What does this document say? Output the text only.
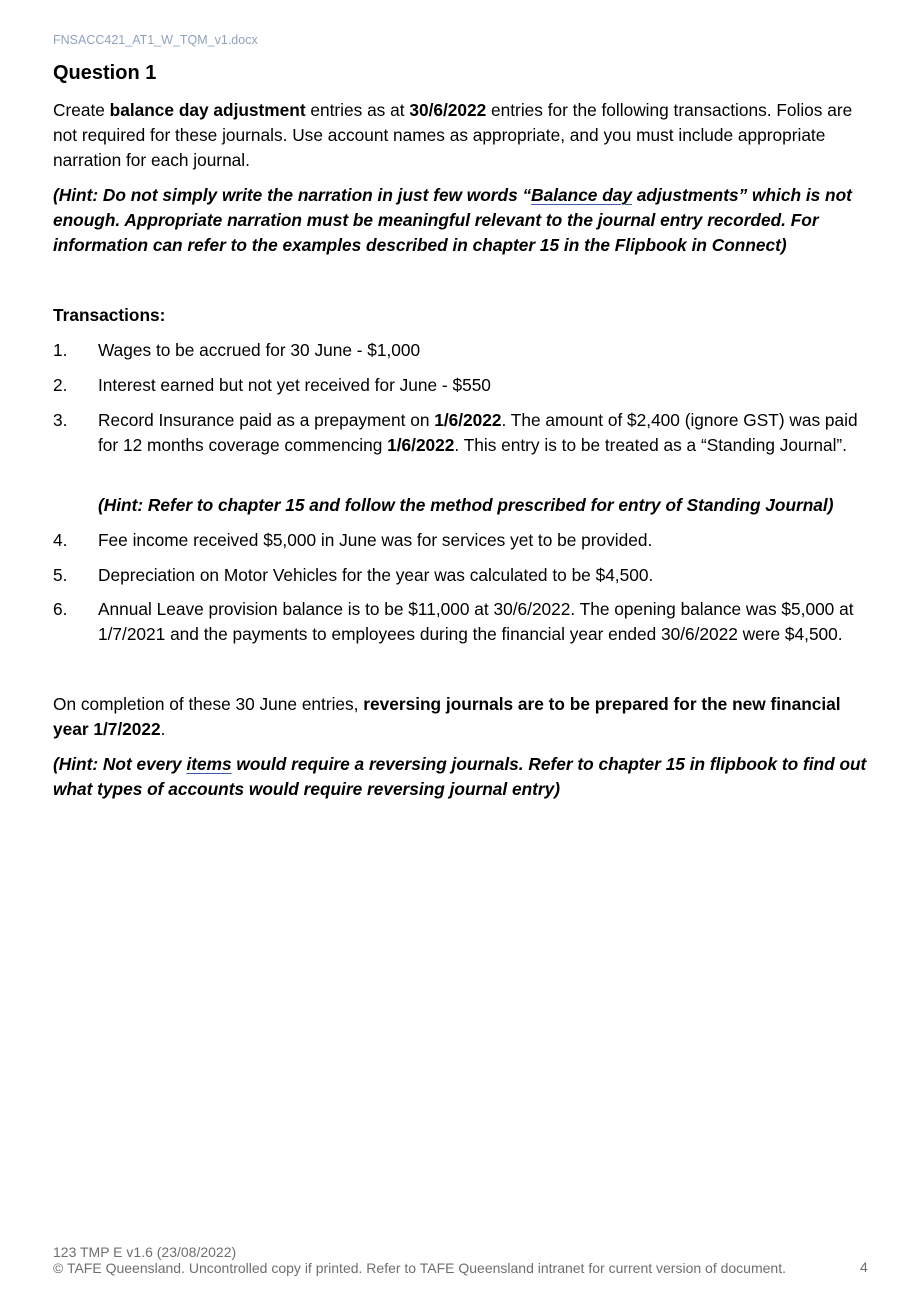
FNSACC421_AT1_W_TQM_v1.docx
Question 1

Create balance day adjustment entries as at 30/6/2022 entries for the following transactions. Folios are not required for these journals. Use account names as appropriate, and you must include appropriate narration for each journal.

(Hint: Do not simply write the narration in just few words “Balance day adjustments” which is not enough. Appropriate narration must be meaningful relevant to the journal entry recorded. For information can refer to the examples described in chapter 15 in the Flipbook in Connect)

Transactions:
1. Wages to be accrued for 30 June - $1,000
2. Interest earned but not yet received for June - $550
3. Record Insurance paid as a prepayment on 1/6/2022. The amount of $2,400 (ignore GST) was paid for 12 months coverage commencing 1/6/2022. This entry is to be treated as a “Standing Journal”.
(Hint: Refer to chapter 15 and follow the method prescribed for entry of Standing Journal)
4. Fee income received $5,000 in June was for services yet to be provided.
5. Depreciation on Motor Vehicles for the year was calculated to be $4,500.
6. Annual Leave provision balance is to be $11,000 at 30/6/2022. The opening balance was $5,000 at 1/7/2021 and the payments to employees during the financial year ended 30/6/2022 were $4,500.

On completion of these 30 June entries, reversing journals are to be prepared for the new financial year 1/7/2022.

(Hint: Not every items would require a reversing journals. Refer to chapter 15 in flipbook to find out what types of accounts would require reversing journal entry)

123 TMP E v1.6 (23/08/2022)
© TAFE Queensland. Uncontrolled copy if printed. Refer to TAFE Queensland intranet for current version of document.	4
